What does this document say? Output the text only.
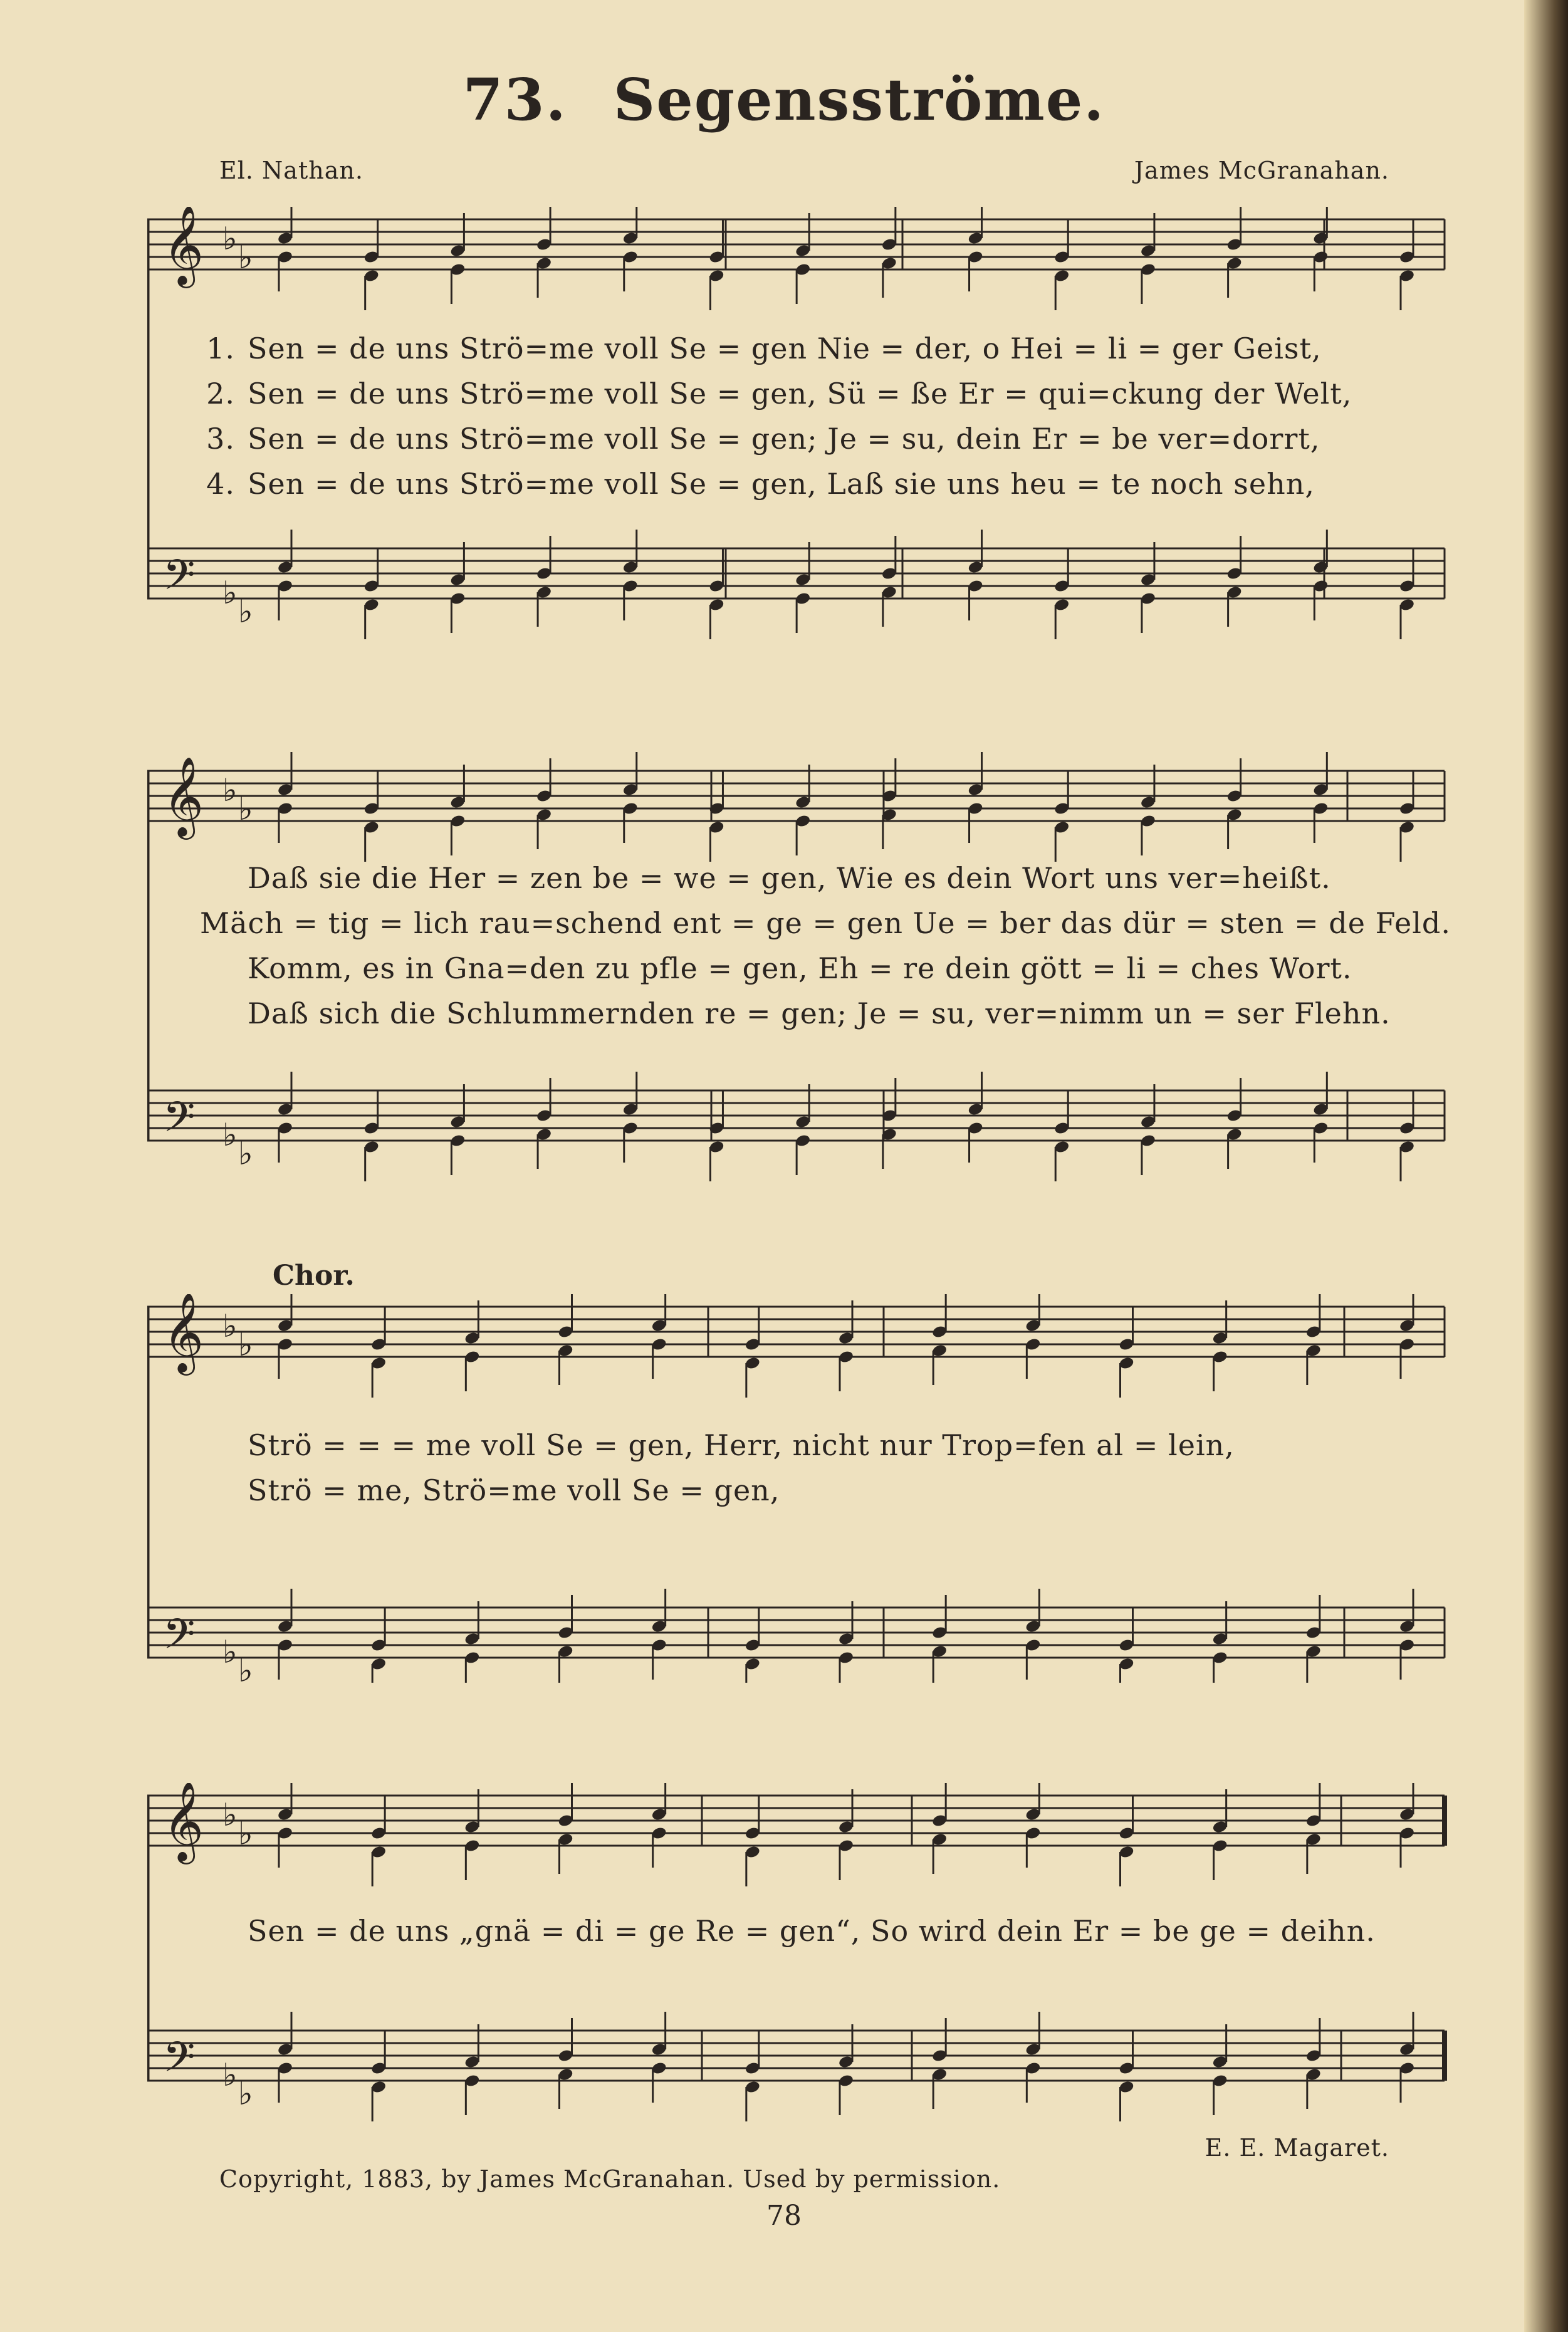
73. Segensströme.
El. Nathan.	James McGranahan.
𝄞 ♭
♭
𝄢 ♭
♭
1. Sen = de uns Strö=me voll Se = gen Nie = der, o Hei = li = ger Geist,
2. Sen = de uns Strö=me voll Se = gen, Sü = ße Er = qui=ckung der Welt,
3. Sen = de uns Strö=me voll Se = gen; Je = su, dein Er = be ver=dorrt,
4. Sen = de uns Strö=me voll Se = gen, Laß sie uns heu = te noch sehn,
𝄞 ♭
♭
𝄢 ♭
♭
Daß sie die Her = zen be = we = gen, Wie es dein Wort uns ver=heißt.
Mäch = tig = lich rau=schend ent = ge = gen Ue = ber das dür = sten = de Feld.
Komm, es in Gna=den zu pfle = gen, Eh = re dein gött = li = ches Wort.
Daß sich die Schlummernden re = gen; Je = su, ver=nimm un = ser Flehn.
Chor.
𝄞 ♭
♭
𝄢 ♭
♭
Strö = = = me voll Se = gen, Herr, nicht nur Trop=fen al = lein,
Strö = me, Strö=me voll Se = gen,
𝄞 ♭
♭
𝄢 ♭
♭
Sen = de uns „gnä = di = ge Re = gen“, So wird dein Er = be ge = deihn.
E. E. Magaret.
Copyright, 1883, by James McGranahan. Used by permission.
78
